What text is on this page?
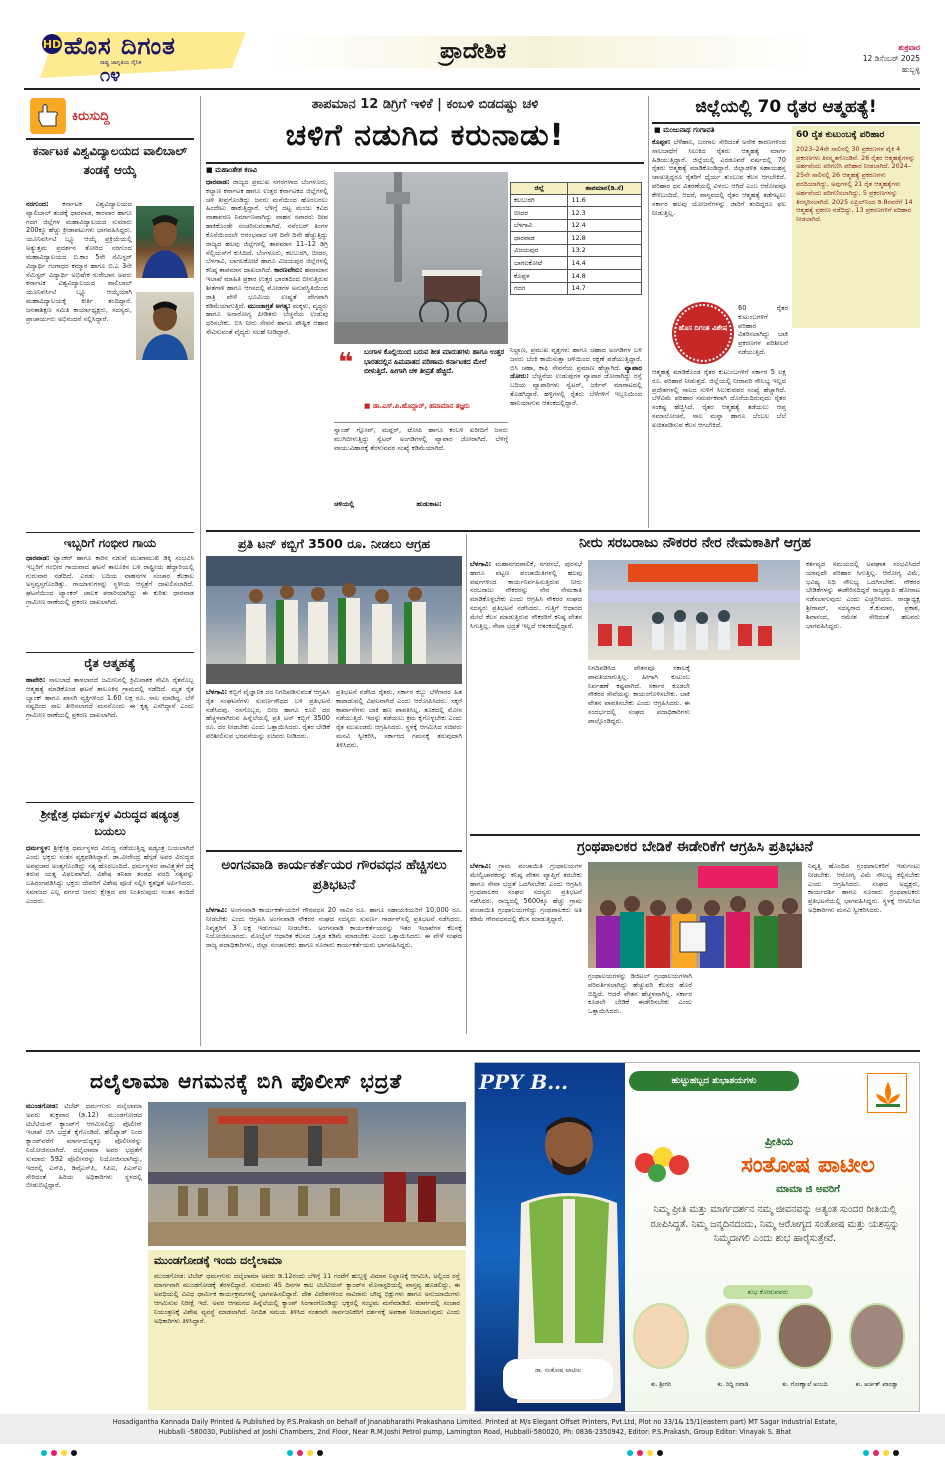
HD ಹೊಸ ದಿಗಂತ
ರಾಷ್ಟ್ರ ಜಾಗೃತಿಯ ದೈನಿಕ
೧೪
ಪ್ರಾದೇಶಿಕ	ಶುಕ್ರವಾರ
12 ಡಿಸೆಂಬರ್ 2025
ಹುಬ್ಬಳ್ಳಿ
ಕಿರುಸುದ್ದಿ
ಕರ್ನಾಟಕ ವಿಶ್ವವಿದ್ಯಾಲಯದ ವಾಲಿಬಾಲ್ ತಂಡಕ್ಕೆ ಆಯ್ಕೆ
ನರಗುಂದ: ಕರ್ನಾಟಕ ವಿಶ್ವವಿದ್ಯಾಲಯದ ವ್ಯಾಲಿಬಾಲ್ ತಂಡಕ್ಕೆ ಧಾರವಾಡ, ಕಾರವಾರ ಹಾಗೂ ಗದಗ ಜಿಲ್ಲೆಗಳ ಮಹಾವಿದ್ಯಾಲಯದ ಸುಮಾರು 200ಕ್ಕೂ ಹೆಚ್ಚು ಕ್ರೀಡಾಪಟುಗಳು ಭಾಗವಹಿಸಿದ್ದರು. ಯೂನಿವರ್ಸಿಟಿ ಬ್ಲ್ಯೂ ಆಯ್ಕೆ ಪ್ರಕ್ರಿಯೆಯಲ್ಲಿ ಅತ್ಯುತ್ತಮ ಪ್ರದರ್ಶನ ತೋರಿದ ನರಗುಂದ ಮಹಾವಿದ್ಯಾಲಯದ ಬಿ.ಕಾಂ 5ನೇ ಸೆಮಿಸ್ಟರ್ ವಿದ್ಯಾರ್ಥಿ ಗಂಗಾಧರ ಕಮ್ಮಾರ ಹಾಗೂ ಬಿ.ಎ 3ನೇ ಸೆಮಿಸ್ಟರ್ ವಿದ್ಯಾರ್ಥಿ ಅಭಿಷೇಕ ಸುರೇಬಾನ ಅವರು ಕರ್ನಾಟಕ ವಿಶ್ವವಿದ್ಯಾಲಯದ ವಾಲಿಬಾಲ್ ಯೂನಿವರ್ಸಿಟಿ ಬ್ಲ್ಯೂ ಆಯ್ಕೆಯಾಗಿ ಮಹಾವಿದ್ಯಾಲಯಕ್ಕೆ ಕೀರ್ತಿ ತಂದಿದ್ದಾರೆ. ಜನತಾಶಿಕ್ಷಣ ಸಮಿತಿ ಕಾರ್ಯಾಧ್ಯಕ್ಷರು, ಸದಸ್ಯರು, ಪ್ರಾಚಾರ್ಯರು ಅಭಿನಂದನೆ ಸಲ್ಲಿಸಿದ್ದಾರೆ.
ಇಬ್ಬರಿಗೆ ಗಂಭೀರ ಗಾಯ
ಧಾರವಾಡ: ಟ್ಯಾಂಕರ್ ಹಾಗೂ ಕಾರಿನ ನಡುವೆ ಮುಖಾಮುಖಿ ಡಿಕ್ಕಿ ಸಂಭವಿಸಿ ಇಬ್ಬರಿಗೆ ಗಂಭೀರ ಗಾಯವಾದ ಘಟನೆ ತಾಲೂಕಿನ ಬಳಿ ರಾಷ್ಟ್ರೀಯ ಹೆದ್ದಾರಿಯಲ್ಲಿ ಗುರುವಾರ ನಡೆದಿದೆ. ಎರಡು ಬದಿಯ ವಾಹನಗಳ ಸಂಚಾರ ಕೆಲಕಾಲ ಅಸ್ತವ್ಯಸ್ತಗೊಂಡಿತ್ತು. ಗಾಯಾಳುಗಳನ್ನು ಸ್ಥಳೀಯ ಆಸ್ಪತ್ರೆಗೆ ದಾಖಲಿಸಲಾಗಿದೆ. ಘಟನೆಯಿಂದ ಟ್ಯಾಂಕರ್ ಚಾಲಕ ಪರಾರಿಯಾಗಿದ್ದು ಈ ಕುರಿತು ಧಾರವಾಡ ಗ್ರಾಮೀಣ ಠಾಣೆಯಲ್ಲಿ ಪ್ರಕರಣ ದಾಖಲಾಗಿದೆ.
ರೈತ ಆತ್ಮಹತ್ಯೆ
ಹಾವೇರಿ: ಸಾಲಬಾಧೆ ತಾಳಲಾರದೆ ಜಮೀನಿನಲ್ಲಿ ಕ್ರಿಮಿನಾಶಕ ಸೇವಿಸಿ ರೈತನೊಬ್ಬ ಆತ್ಮಹತ್ಯೆ ಮಾಡಿಕೊಂಡ ಘಟನೆ ತಾಲೂಕಿನ ಗ್ರಾಮದಲ್ಲಿ ನಡೆದಿದೆ. ಮೃತ ರೈತ ಬ್ಯಾಂಕ್ ಹಾಗೂ ಖಾಸಗಿ ವ್ಯಕ್ತಿಗಳಿಂದ 1.60 ಲಕ್ಷ ರೂ. ಸಾಲ ಮಾಡಿದ್ದ. ಬೆಳೆ ನಷ್ಟದಿಂದ ಸಾಲ ತೀರಿಸಲಾಗದೆ ಮನನೊಂದು ಈ ಕೃತ್ಯ ಎಸಗಿದ್ದಾನೆ ಎಂದು ಗ್ರಾಮೀಣ ಠಾಣೆಯಲ್ಲಿ ಪ್ರಕರಣ ದಾಖಲಾಗಿದೆ.
ಶ್ರೀಕ್ಷೇತ್ರ ಧರ್ಮಸ್ಥಳ ವಿರುದ್ಧದ ಷಡ್ಯಂತ್ರ ಬಯಲು
ಧರ್ಮಸ್ಥಳ: ಶ್ರೀಕ್ಷೇತ್ರ ಧರ್ಮಸ್ಥಳದ ವಿರುದ್ಧ ನಡೆಯುತ್ತಿದ್ದ ಷಡ್ಯಂತ್ರ ಬಯಲಾಗಿದೆ ಎಂದು ಭಕ್ತರು ಸಂತಸ ವ್ಯಕ್ತಪಡಿಸಿದ್ದಾರೆ. ಡಾ.ವೀರೇಂದ್ರ ಹೆಗ್ಗಡೆ ಅವರ ವಿರುದ್ಧದ ಅಪಪ್ರಚಾರ ಅಂತ್ಯಗೊಂಡಿದ್ದು ಸತ್ಯ ಹೊರಬಂದಿದೆ. ಧರ್ಮಸ್ಥಳದ ಪಾವಿತ್ರ್ಯತೆಗೆ ಧಕ್ಕೆ ತರುವ ಯತ್ನ ವಿಫಲವಾಗಿದೆ. ವಿಶೇಷ ತನಿಖಾ ತಂಡದ ವರದಿ ಸತ್ಯವನ್ನು ಬಹಿರಂಗಪಡಿಸಿದ್ದು ಭಕ್ತರು ದೇವರಿಗೆ ವಿಶೇಷ ಪೂಜೆ ಸಲ್ಲಿಸಿ ಕೃತಜ್ಞತೆ ಅರ್ಪಿಸಿದರು. ಸಮಾಜದ ಎಲ್ಲ ವರ್ಗದ ಜನರು ಕ್ಷೇತ್ರದ ಪರ ನಿಂತಿರುವುದು ಸಂತಸ ತಂದಿದೆ ಎಂದರು.
ತಾಪಮಾನ 12 ಡಿಗ್ರಿಗೆ ಇಳಿಕೆ | ಕಂಬಳಿ ಬಿಡದಷ್ಟು ಚಳಿ
ಚಳಿಗೆ ನಡುಗಿದ ಕರುನಾಡು!
■ ಮಹಾಂತೇಶ ಕಣವಿ
ಧಾರವಾಡ: ರಾಜ್ಯದ ಪ್ರಮುಖ ನಗರಗಳಾದ ಬೆಂಗಳೂರು, ಕಲ್ಯಾಣ ಕರ್ನಾಟಕ ಹಾಗೂ ಉತ್ತರ ಕರ್ನಾಟಕದ ಜಿಲ್ಲೆಗಳಲ್ಲಿ ಚಳಿ ತೀವ್ರಗೊಂಡಿದ್ದು ಜನರು ಮನೆಯಿಂದ ಹೊರಬರಲು ಹಿಂದೇಟು ಹಾಕುತ್ತಿದ್ದಾರೆ. ಬೆಳಿಗ್ಗೆ ದಟ್ಟ ಮಂಜು ಕವಿದ ವಾತಾವರಣ ನಿರ್ಮಾಣವಾಗಿದ್ದು ವಾಹನ ಸವಾರರು ದೀಪ ಹಾಕಿಕೊಂಡೇ ಸಂಚರಿಸುವಂತಾಗಿದೆ. ನವೆಂಬರ್ ತಿಂಗಳ ಕೊನೆಯಿಂದಲೇ ಆರಂಭವಾದ ಚಳಿ ದಿನೇ ದಿನೇ ಹೆಚ್ಚುತ್ತಿದ್ದು ರಾಜ್ಯದ ಹಲವು ಜಿಲ್ಲೆಗಳಲ್ಲಿ ತಾಪಮಾನ 11–12 ಡಿಗ್ರಿ ಸೆಲ್ಸಿಯಸ್‌ಗೆ ಕುಸಿದಿದೆ. ಬೆಂಗಳೂರು, ಕಲಬುರಗಿ, ಬೀದರ, ಬೆಳಗಾವಿ, ಬಾಗಲಕೋಟೆ ಹಾಗೂ ವಿಜಯಪುರ ಜಿಲ್ಲೆಗಳಲ್ಲಿ ಕನಿಷ್ಠ ತಾಪಮಾನ ದಾಖಲಾಗಿದೆ. ಕಾರಣವೇನು: ಹವಾಮಾನ ಇಲಾಖೆ ಮಾಹಿತಿ ಪ್ರಕಾರ ಉತ್ತರ ಭಾರತದಿಂದ ಬೀಸುತ್ತಿರುವ ಶೀತಗಾಳಿ ಹಾಗೂ ಆಗಸದಲ್ಲಿ ಮೋಡಗಳ ಅನುಪಸ್ಥಿತಿಯಿಂದ ರಾತ್ರಿ ವೇಳೆ ಭೂಮಿಯ ಉಷ್ಣತೆ ವೇಗವಾಗಿ ಕಡಿಮೆಯಾಗುತ್ತಿದೆ. ಮುಂಜಾಗ್ರತೆ ಅಗತ್ಯ: ಮಕ್ಕಳು, ವೃದ್ಧರು ಹಾಗೂ ಅನಾರೋಗ್ಯ ಪೀಡಿತರು ಬೆಚ್ಚನೆಯ ಉಡುಪು ಧರಿಸಬೇಕು. ಬಿಸಿ ನೀರು ಸೇವನೆ ಹಾಗೂ ಪೌಷ್ಟಿಕ ಆಹಾರ ಸೇವಿಸುವಂತೆ ವೈದ್ಯರು ಸಲಹೆ ನೀಡಿದ್ದಾರೆ.
ಜಿಲ್ಲೆ	ತಾಪಮಾನ(ಡಿ.ಸೆ)
ಕಲಬುರಗಿ	11.6
ಬೀದರ	12.3
ಬೆಳಗಾವಿ	12.4
ಧಾರವಾಡ	12.8
ವಿಜಯಪುರ	13.2
ಬಾಗಲಕೋಟೆ	14.4
ಕೊಪ್ಪಳ	14.8
ಗದಗ	14.7
ನಿಲ್ದಾಣ, ಪ್ರಮುಖ ವೃತ್ತಗಳು ಹಾಗೂ ಚಹಾದ ಅಂಗಡಿಗಳ ಬಳಿ ಜನರು ಬೆಂಕಿ ಕಾಯಿಸುತ್ತಾ ಚಳಿಯಿಂದ ರಕ್ಷಣೆ ಪಡೆಯುತ್ತಿದ್ದಾರೆ. ಬಿಸಿ ಚಹಾ, ಕಾಫಿ ಸೇವನೆಯ ಪ್ರಮಾಣ ಹೆಚ್ಚಾಗಿದೆ. ವ್ಯಾಪಾರ ಜೋರು: ಬೆಚ್ಚನೆಯ ಉಡುಪುಗಳ ವ್ಯಾಪಾರ ಜೋರಾಗಿದ್ದು ರಸ್ತೆ ಬದಿಯ ವ್ಯಾಪಾರಿಗಳು ಸ್ವೆಟರ್, ಜರ್ಕಿನ್ ಮಾರಾಟದಲ್ಲಿ ತೊಡಗಿದ್ದಾರೆ. ಹಳ್ಳಿಗಳಲ್ಲಿ ರೈತರು ಬೆಳೆಗಳಿಗೆ ಇಬ್ಬನಿಯಿಂದ ಹಾನಿಯಾಗುವ ಆತಂಕದಲ್ಲಿದ್ದಾರೆ.
❝	ಬಂಗಾಳ ಕೊಲ್ಲಿಯಿಂದ ಬರುವ ಶೀತ ಮಾರುತಗಳು ಹಾಗೂ ಉತ್ತರ ಭಾರತದಲ್ಲಿನ ಹಿಮಪಾತದ ಪರಿಣಾಮ ಕರ್ನಾಟಕದ ಮೇಲೆ ಬೀಳುತ್ತಿದೆ. ಹೀಗಾಗಿ ಚಳಿ ತೀವ್ರತೆ ಹೆಚ್ಚಿದೆ.
■ ಡಾ.ಎಸ್.ಪಿ.ಹೊದ್ದಾರ್, ಹವಾಮಾನ ತಜ್ಞರು
ಸ್ವಾಂಡ್ ಗ್ಲೋವ್, ಮಫ್ಲರ್, ಟೋಪಿ ಹಾಗೂ ಕಂಬಳಿ ಖರೀದಿಗೆ ಜನರು ಮುಗಿಬೀಳುತ್ತಿದ್ದು ಸ್ವೆಟರ್ ಅಂಗಡಿಗಳಲ್ಲಿ ವ್ಯಾಪಾರ ಜೋರಾಗಿದೆ. ಬೆಳಿಗ್ಗೆ ವಾಯುವಿಹಾರಕ್ಕೆ ತೆರಳುವವರ ಸಂಖ್ಯೆ ಕಡಿಮೆಯಾಗಿದೆ.
ಚಳಿಯಲ್ಲಿ	ಹುಡುಕಾಟ:
ಜಿಲ್ಲೆಯಲ್ಲಿ 70 ರೈತರ ಆತ್ಮಹತ್ಯೆ!
■ ಮಂಜುನಾಥ ಗಂಗಾವತಿ
ಕೊಪ್ಪಳ: ಬೆಳೆಹಾನಿ, ಬರಗಾಲ ಸೇರಿದಂತೆ ಅನೇಕ ಕಾರಣಗಳಿಂದ ಸಾಲಬಾಧೆಗೆ ಸಿಲುಕಿದ ರೈತರು ಆತ್ಮಹತ್ಯೆ ಮಾರ್ಗ ಹಿಡಿಯುತ್ತಿದ್ದಾರೆ. ಜಿಲ್ಲೆಯಲ್ಲಿ ಎರಡೂವರೆ ವರ್ಷದಲ್ಲಿ 70 ರೈತರು ಆತ್ಮಹತ್ಯೆ ಮಾಡಿಕೊಂಡಿದ್ದಾರೆ. ಜಿಲ್ಲಾಡಳಿತ ಸಹಾಯಹಸ್ತ ಚಾಚುತ್ತಿದ್ದರೂ ರೈತರಿಗೆ ಧೈರ್ಯ ತುಂಬುವ ಕೆಲಸ ಆಗಬೇಕಿದೆ. ಪರಿಹಾರ ಧನ ವಿತರಣೆಯಲ್ಲಿ ವಿಳಂಬ ಆಗಿದೆ ಎಂಬ ಆರೋಪವೂ ಕೇಳಿಬಂದಿದೆ. ಆದರೆ, ವಾಸ್ತವದಲ್ಲಿ ರೈತರ ಆತ್ಮಹತ್ಯೆ ತಡೆಗಟ್ಟಲು ಸರ್ಕಾರ ಹಲವು ಯೋಜನೆಗಳನ್ನು ಜಾರಿಗೆ ತಂದಿದ್ದರೂ ಫಲ ನೀಡುತ್ತಿಲ್ಲ.
60 ರೈತ ಕುಟುಂಬಕ್ಕೆ ಪರಿಹಾರ
2023–24ನೇ ಸಾಲಿನಲ್ಲಿ 30 ಪ್ರಕರಣಗಳ ಪೈಕಿ 4 ಪ್ರಕರಣಗಳು ತಿರಸ್ಕೃತಗೊಂಡಿವೆ. 26 ರೈತರ ಆತ್ಮಹತ್ಯೆಗಳನ್ನು ಅರ್ಹವೆಂದು ಪರಿಗಣಿಸಿ ಪರಿಹಾರ ನೀಡಲಾಗಿದೆ. 2024–25ನೇ ಸಾಲಿನಲ್ಲಿ 26 ಆತ್ಮಹತ್ಯೆ ಪ್ರಕರಣಗಳು ವರದಿಯಾಗಿದ್ದು, ಅವುಗಳಲ್ಲಿ 21 ರೈತ ಆತ್ಮಹತ್ಯೆಗಳು ಅರ್ಹವೆಂದು ಪರಿಗಣಿಸಲಾಗಿದ್ದು, 5 ಪ್ರಕರಣಗಳನ್ನು ತಿರಸ್ಕರಿಸಲಾಗಿದೆ. 2025 ಏಪ್ರಿಲ್‌ನಿಂದ ಡಿ.8ರವರೆಗೆ 14 ಆತ್ಮಹತ್ಯೆ ಪ್ರಕರಣ ನಡೆದಿದ್ದು, 13 ಪ್ರಕರಣಗಳಿಗೆ ಪರಿಹಾರ ನೀಡಲಾಗಿದೆ.
ಹೊಸ ದಿಗಂತ ವಿಶೇಷ
60 ರೈತರ ಕುಟುಂಬಗಳಿಗೆ ಪರಿಹಾರ ವಿತರಿಸಲಾಗಿದ್ದು ಬಾಕಿ ಪ್ರಕರಣಗಳ ಪರಿಶೀಲನೆ ನಡೆಯುತ್ತಿದೆ.
ಆತ್ಮಹತ್ಯೆ ಮಾಡಿಕೊಂಡ ರೈತರ ಕುಟುಂಬಗಳಿಗೆ ಸರ್ಕಾರ 5 ಲಕ್ಷ ರೂ. ಪರಿಹಾರ ನೀಡುತ್ತದೆ. ಜಿಲ್ಲೆಯಲ್ಲಿ ನೀರಾವರಿ ಸೌಲಭ್ಯ ಇಲ್ಲದ ಪ್ರದೇಶಗಳಲ್ಲಿ ಸಾಲದ ಸುಳಿಗೆ ಸಿಲುಕುವವರ ಸಂಖ್ಯೆ ಹೆಚ್ಚಾಗಿದೆ. ಬೆಳೆವಿಮೆ ಪರಿಹಾರ ಸಮರ್ಪಕವಾಗಿ ದೊರೆಯದಿರುವುದು ರೈತರ ಸಂಕಷ್ಟ ಹೆಚ್ಚಿಸಿದೆ. ರೈತರ ಆತ್ಮಹತ್ಯೆ ತಡೆಯಲು ಆಪ್ತ ಸಮಾಲೋಚನೆ, ಸಾಲ ಮನ್ನಾ ಹಾಗೂ ಬೆಂಬಲ ಬೆಲೆ ಖಚಿತಪಡಿಸುವ ಕೆಲಸ ಆಗಬೇಕಿದೆ.
ಪ್ರತಿ ಟನ್ ಕಬ್ಬಿಗೆ 3500 ರೂ. ನೀಡಲು ಆಗ್ರಹ
ಬೆಳಗಾವಿ: ಕಬ್ಬಿಗೆ ವೈಜ್ಞಾನಿಕ ದರ ನಿಗದಿಪಡಿಸುವಂತೆ ಆಗ್ರಹಿಸಿ ರೈತ ಸಂಘಟನೆಗಳು ಸುವರ್ಣಸೌಧದ ಬಳಿ ಪ್ರತಿಭಟನೆ ನಡೆಸಿದವು. ರಸಗೊಬ್ಬರ, ಬೀಜ ಹಾಗೂ ಕೂಲಿ ದರ ಹೆಚ್ಚಳವಾಗಿರುವ ಹಿನ್ನೆಲೆಯಲ್ಲಿ ಪ್ರತಿ ಟನ್ ಕಬ್ಬಿಗೆ 3500 ರೂ. ದರ ನೀಡಬೇಕು ಎಂದು ಒತ್ತಾಯಿಸಿದರು. ರೈತರ ಬೇಡಿಕೆ ಪರಿಶೀಲಿಸುವ ಭರವಸೆಯನ್ನು ಸಚಿವರು ನೀಡಿದರು.
ಪ್ರತಿಭಟನೆ ನಡೆಸಿದ ರೈತರು, ಸರ್ಕಾರ ಕಬ್ಬು ಬೆಳೆಗಾರರ ಹಿತ ಕಾಪಾಡುವಲ್ಲಿ ವಿಫಲವಾಗಿದೆ ಎಂದು ಆರೋಪಿಸಿದರು. ಸಕ್ಕರೆ ಕಾರ್ಖಾನೆಗಳು ಬಾಕಿ ಹಣ ಪಾವತಿಸಿಲ್ಲ. ತೂಕದಲ್ಲಿ ಮೋಸ ನಡೆಯುತ್ತಿದೆ. ಇದನ್ನು ತಡೆಯಲು ಕ್ರಮ ಕೈಗೊಳ್ಳಬೇಕು ಎಂದು ರೈತ ಮುಖಂಡರು ಆಗ್ರಹಿಸಿದರು. ಸ್ಥಳಕ್ಕೆ ಆಗಮಿಸಿದ ಸಚಿವರು ಮನವಿ ಸ್ವೀಕರಿಸಿ, ಸರ್ಕಾರದ ಗಮನಕ್ಕೆ ತರುವುದಾಗಿ ತಿಳಿಸಿದರು.
ನೀರು ಸರಬರಾಜು ನೌಕರರ ನೇರ ನೇಮಕಾತಿಗೆ ಆಗ್ರಹ
ಬೆಳಗಾವಿ: ಮಹಾನಗರಪಾಲಿಕೆ, ನಗರಸಭೆ, ಪುರಸಭೆ ಹಾಗೂ ಪಟ್ಟಣ ಪಂಚಾಯಿತಿಗಳಲ್ಲಿ ಹಲವು ವರ್ಷಗಳಿಂದ ಕಾರ್ಯನಿರ್ವಹಿಸುತ್ತಿರುವ ನೀರು ಸರಬರಾಜು ನೌಕರರನ್ನು ನೇರ ನೇಮಕಾತಿ ಮಾಡಿಕೊಳ್ಳಬೇಕು ಎಂದು ಆಗ್ರಹಿಸಿ ನೌಕರರ ಸಂಘದ ಸದಸ್ಯರು ಪ್ರತಿಭಟನೆ ನಡೆಸಿದರು. ಗುತ್ತಿಗೆ ಆಧಾರದ ಮೇಲೆ ಕೆಲಸ ಮಾಡುತ್ತಿರುವ ನೌಕರರಿಗೆ ಕನಿಷ್ಠ ವೇತನ ಸಿಗುತ್ತಿಲ್ಲ. ಸೇವಾ ಭದ್ರತೆ ಇಲ್ಲದೆ ಆತಂಕದಲ್ಲಿದ್ದಾರೆ.
ನಿಗದಿಪಡಿಸಿದ ವೇತನವೂ ಸಕಾಲಕ್ಕೆ ಪಾವತಿಯಾಗುತ್ತಿಲ್ಲ. ಹೀಗಾಗಿ ಕುಟುಂಬ ನಿರ್ವಹಣೆ ಕಷ್ಟವಾಗಿದೆ. ಸರ್ಕಾರ ಕೂಡಲೇ ನೌಕರರ ಸೇವೆಯನ್ನು ಕಾಯಂಗೊಳಿಸಬೇಕು. ಬಾಕಿ ವೇತನ ಪಾವತಿಸಬೇಕು ಎಂದು ಆಗ್ರಹಿಸಿದರು. ಈ ಸಂದರ್ಭದಲ್ಲಿ ಸಂಘದ ಪದಾಧಿಕಾರಿಗಳು ಪಾಲ್ಗೊಂಡಿದ್ದರು.
ಕರ್ತವ್ಯದ ಸಮಯದಲ್ಲಿ ಅಪಘಾತ ಸಂಭವಿಸಿದರೆ ಯಾವುದೇ ಪರಿಹಾರ ಸಿಗುತ್ತಿಲ್ಲ. ಆರೋಗ್ಯ ವಿಮೆ, ಭವಿಷ್ಯ ನಿಧಿ ಸೌಲಭ್ಯ ಒದಗಿಸಬೇಕು. ನೌಕರರ ಬೇಡಿಕೆಗಳನ್ನು ಈಡೇರಿಸದಿದ್ದರೆ ರಾಜ್ಯವ್ಯಾಪಿ ಹೋರಾಟ ನಡೆಸಲಾಗುವುದು ಎಂದು ಎಚ್ಚರಿಸಿದರು. ರಾಜ್ಯಾಧ್ಯಕ್ಷ ಶ್ರೀರಾಮ್, ಸದಸ್ಯರಾದ ಕೆ.ಕುಮಾರ, ಪ್ರಕಾಶ, ಶಿವಾನಂದ, ರಮೇಶ ಸೇರಿದಂತೆ ಹಲವರು ಭಾಗವಹಿಸಿದ್ದರು.
ಗ್ರಂಥಪಾಲಕರ ಬೇಡಿಕೆ ಈಡೇರಿಕೆಗೆ ಆಗ್ರಹಿಸಿ ಪ್ರತಿಭಟನೆ
ಬೆಳಗಾವಿ: ಗ್ರಾಮ ಪಂಚಾಯಿತಿ ಗ್ರಂಥಾಲಯಗಳ ಮೇಲ್ವಿಚಾರಕರನ್ನು ಕನಿಷ್ಠ ವೇತನ ವ್ಯಾಪ್ತಿಗೆ ತರಬೇಕು ಹಾಗೂ ಸೇವಾ ಭದ್ರತೆ ಒದಗಿಸಬೇಕು ಎಂದು ಆಗ್ರಹಿಸಿ ಗ್ರಂಥಪಾಲಕರ ಸಂಘದ ಸದಸ್ಯರು ಪ್ರತಿಭಟನೆ ನಡೆಸಿದರು. ರಾಜ್ಯದಲ್ಲಿ 5600ಕ್ಕೂ ಹೆಚ್ಚು ಗ್ರಾಮ ಪಂಚಾಯಿತಿ ಗ್ರಂಥಾಲಯಗಳಿದ್ದು ಗ್ರಂಥಪಾಲಕರು ಅತಿ ಕಡಿಮೆ ಗೌರವಧನದಲ್ಲಿ ಕೆಲಸ ಮಾಡುತ್ತಿದ್ದಾರೆ.
ಗ್ರಂಥಾಲಯಗಳನ್ನು ಡಿಜಿಟಲ್ ಗ್ರಂಥಾಲಯಗಳಾಗಿ ಪರಿವರ್ತಿಸಲಾಗಿದ್ದು ಹೆಚ್ಚುವರಿ ಕೆಲಸದ ಹೊರೆ ಬಿದ್ದಿದೆ. ಆದರೆ ವೇತನ ಹೆಚ್ಚಳವಾಗಿಲ್ಲ. ಸರ್ಕಾರ ಕೂಡಲೇ ಬೇಡಿಕೆ ಈಡೇರಿಸಬೇಕು ಎಂದು ಒತ್ತಾಯಿಸಿದರು.
ನಿವೃತ್ತಿ ಹೊಂದಿದ ಗ್ರಂಥಪಾಲಕರಿಗೆ ಇಡುಗಂಟು ನೀಡಬೇಕು. ಆರೋಗ್ಯ ವಿಮೆ ಸೌಲಭ್ಯ ಕಲ್ಪಿಸಬೇಕು ಎಂದು ಆಗ್ರಹಿಸಿದರು. ಸಂಘದ ಅಧ್ಯಕ್ಷರು, ಕಾರ್ಯದರ್ಶಿ ಹಾಗೂ ನೂರಾರು ಗ್ರಂಥಪಾಲಕರು ಪ್ರತಿಭಟನೆಯಲ್ಲಿ ಭಾಗವಹಿಸಿದ್ದರು. ಸ್ಥಳಕ್ಕೆ ಆಗಮಿಸಿದ ಅಧಿಕಾರಿಗಳು ಮನವಿ ಸ್ವೀಕರಿಸಿದರು.
ಅಂಗನವಾಡಿ ಕಾರ್ಯಕರ್ತೆಯರ ಗೌರವಧನ ಹೆಚ್ಚಿಸಲು ಪ್ರತಿಭಟನೆ
ಬೆಳಗಾವಿ: ಅಂಗನವಾಡಿ ಕಾರ್ಯಕರ್ತೆಯರಿಗೆ ಗೌರವಧನ 20 ಸಾವಿರ ರೂ. ಹಾಗೂ ಸಹಾಯಕಿಯರಿಗೆ 10,000 ರೂ. ನೀಡಬೇಕು ಎಂದು ಆಗ್ರಹಿಸಿ ಅಂಗನವಾಡಿ ನೌಕರರ ಸಂಘದ ಸದಸ್ಯರು ಸುವರ್ಣ ಗಾರ್ಡನ್‌ನಲ್ಲಿ ಪ್ರತಿಭಟನೆ ನಡೆಸಿದರು. ನಿವೃತ್ತರಿಗೆ 3 ಲಕ್ಷ ಇಡುಗಂಟು ನೀಡಬೇಕು. ಅಂಗನವಾಡಿ ಕಾರ್ಯಕರ್ತೆಯರನ್ನು ಇತರ ಇಲಾಖೆಗಳ ಕೆಲಸಕ್ಕೆ ನಿಯೋಜಿಸಬಾರದು. ಮೊಬೈಲ್ ಆಧಾರಿತ ಕೆಲಸದ ಒತ್ತಡ ಕಡಿಮೆ ಮಾಡಬೇಕು ಎಂದು ಒತ್ತಾಯಿಸಿದರು. ಈ ವೇಳೆ ಸಂಘದ ರಾಜ್ಯ ಪದಾಧಿಕಾರಿಗಳು, ಜಿಲ್ಲಾ ಸಂಚಾಲಕರು ಹಾಗೂ ನೂರಾರು ಕಾರ್ಯಕರ್ತೆಯರು ಭಾಗವಹಿಸಿದ್ದರು.
ದಲೈಲಾಮಾ ಆಗಮನಕ್ಕೆ ಬಿಗಿ ಪೊಲೀಸ್ ಭದ್ರತೆ
ಮುಂಡಗೋಡ: ಟಿಬೆಟ್ ಧರ್ಮಗುರು ದಲೈಲಾಮಾ ಅವರು ಶುಕ್ರವಾರ (ಡಿ.12) ಮುಂಡಗೋಡದ ಟಿಬೆಟಿಯನ್ ಕ್ಯಾಂಪ್‌ಗೆ ಆಗಮಿಸಲಿದ್ದು ಪೊಲೀಸ್ ಇಲಾಖೆ ಬಿಗಿ ಭದ್ರತೆ ಕೈಗೊಂಡಿದೆ. ಹೆಲಿಪ್ಯಾಡ್ ನಿಂದ ಕ್ಯಾಂಪ್‌ವರೆಗೆ ಮಾರ್ಗದುದ್ದಕ್ಕೂ ಪೊಲೀಸರನ್ನು ನಿಯೋಜಿಸಲಾಗಿದೆ. ದಲೈಲಾಮಾ ಅವರ ಭದ್ರತೆಗೆ ಸುಮಾರು 592 ಪೊಲೀಸರನ್ನು ನಿಯೋಜಿಸಲಾಗಿದ್ದು, ಇದರಲ್ಲಿ ಎಸ್‌ಪಿ, ಡಿವೈಎಸ್‌ಪಿ, ಸಿಪಿಐ, ಪಿಎಸ್‌ಐ ಸೇರಿದಂತೆ ಹಿರಿಯ ಅಧಿಕಾರಿಗಳು ಸ್ಥಳದಲ್ಲಿ ಬೀಡುಬಿಟ್ಟಿದ್ದಾರೆ.
ಮುಂಡಗೋಡಕ್ಕೆ ಇಂದು ದಲೈಲಾಮಾ
ಮುಂಡಗೋಡ: ಟಿಬೆಟ್ ಧರ್ಮಗುರು ದಲೈಲಾಮಾ ಅವರು ಡಿ.12ರಂದು ಬೆಳಿಗ್ಗೆ 11 ಗಂಟೆಗೆ ಹುಬ್ಬಳ್ಳಿ ವಿಮಾನ ನಿಲ್ದಾಣಕ್ಕೆ ಆಗಮಿಸಿ, ಅಲ್ಲಿಂದ ರಸ್ತೆ ಮಾರ್ಗವಾಗಿ ಮುಂಡಗೋಡಕ್ಕೆ ತೆರಳಲಿದ್ದಾರೆ. ಸುಮಾರು 45 ದಿನಗಳ ಕಾಲ ಟಿಬೆಟಿಯನ್ ಕ್ಯಾಂಪ್‌ನ ಮೊನಾಸ್ಟರಿಯಲ್ಲಿ ವಾಸ್ತವ್ಯ ಹೂಡಲಿದ್ದು, ಈ ಅವಧಿಯಲ್ಲಿ ವಿವಿಧ ಧಾರ್ಮಿಕ ಕಾರ್ಯಕ್ರಮಗಳಲ್ಲಿ ಭಾಗವಹಿಸಲಿದ್ದಾರೆ. ದೇಶ ವಿದೇಶಗಳಿಂದ ಸಾವಿರಾರು ಬೌದ್ಧ ಭಿಕ್ಷುಗಳು ಹಾಗೂ ಅನುಯಾಯಿಗಳು ಆಗಮಿಸುವ ನಿರೀಕ್ಷೆ ಇದೆ. ಅವರ ಆಗಮನದ ಹಿನ್ನೆಲೆಯಲ್ಲಿ ಕ್ಯಾಂಪ್ ಸಿಂಗಾರಗೊಂಡಿದ್ದು ಭಕ್ತರಲ್ಲಿ ಸಂಭ್ರಮ ಮನೆಮಾಡಿದೆ. ಮಾರ್ಗದಲ್ಲಿ ಸಂಚಾರ ನಿಯಂತ್ರಣಕ್ಕೆ ವಿಶೇಷ ವ್ಯವಸ್ಥೆ ಮಾಡಲಾಗಿದೆ. ನಿಗದಿತ ಸಮಯ ತಿಳಿಸಿದ ನಂತರವೇ ಸಾರ್ವಜನಿಕರಿಗೆ ದರ್ಶನಕ್ಕೆ ಅವಕಾಶ ನೀಡಲಾಗುವುದು ಎಂದು ಅಧಿಕಾರಿಗಳು ತಿಳಿಸಿದ್ದಾರೆ.
PPY B...
ಡಾ. ಸಂತೋಷ ಪಾಟೀಲ
ಹುಟ್ಟುಹಬ್ಬದ ಶುಭಾಶಯಗಳು
ಪ್ರೀತಿಯ
ಸಂತೋಷ ಪಾಟೀಲ
ಮಾಮಾ ಜಿ ಅವರಿಗೆ
ನಿಮ್ಮ ಪ್ರೀತಿ ಮತ್ತು ಮಾರ್ಗದರ್ಶನ ನಮ್ಮ ಜೀವನವನ್ನು ಅತ್ಯಂತ ಸುಂದರ ರೀತಿಯಲ್ಲಿ ರೂಪಿಸಿದ್ದತೆ. ನಿಮ್ಮ ಜನ್ಮದಿನದಂದು, ನಿಮ್ಮ ಆರೋಗ್ಯದ ಸಂತೋಷ ಮತ್ತು ಯಶಸ್ಸನ್ನು ನಿಮ್ಮದಾಗಲಿ ಎಂದು ಶುಭ ಹಾರೈಸುತ್ತೇವೆ.
ಶುಭ ಕೋರುವವರು
ಕು. ಶ್ರೀಗರಿ	ಕು. ರಿದ್ಧಿ ನವಾಡಿ	ಕು. ಗೋಣ್ವಾಲೆ ಅಂಬದಿ	ಕು. ಅರ್ಚಿತ್ ಖಾಂಡ್ವಾ
Hosadigantha Kannada Daily Printed & Published by P.S.Prakash on behalf of Jnanabharathi Prakashana Limited. Printed at M/s Elegant Offset Printers, Pvt.Ltd, Plot no 33/1& 15/1(eastern part) MT Sagar Industrial Estate,
Hubballi -580030, Published at Joshi Chambers, 2nd Floor, Near R.M.Joshi Petrol pump, Lamington Road, Hubballi-580020, Ph: 0836-2350942, Editor: P.S.Prakash, Group Editor: Vinayak S. Bhat
